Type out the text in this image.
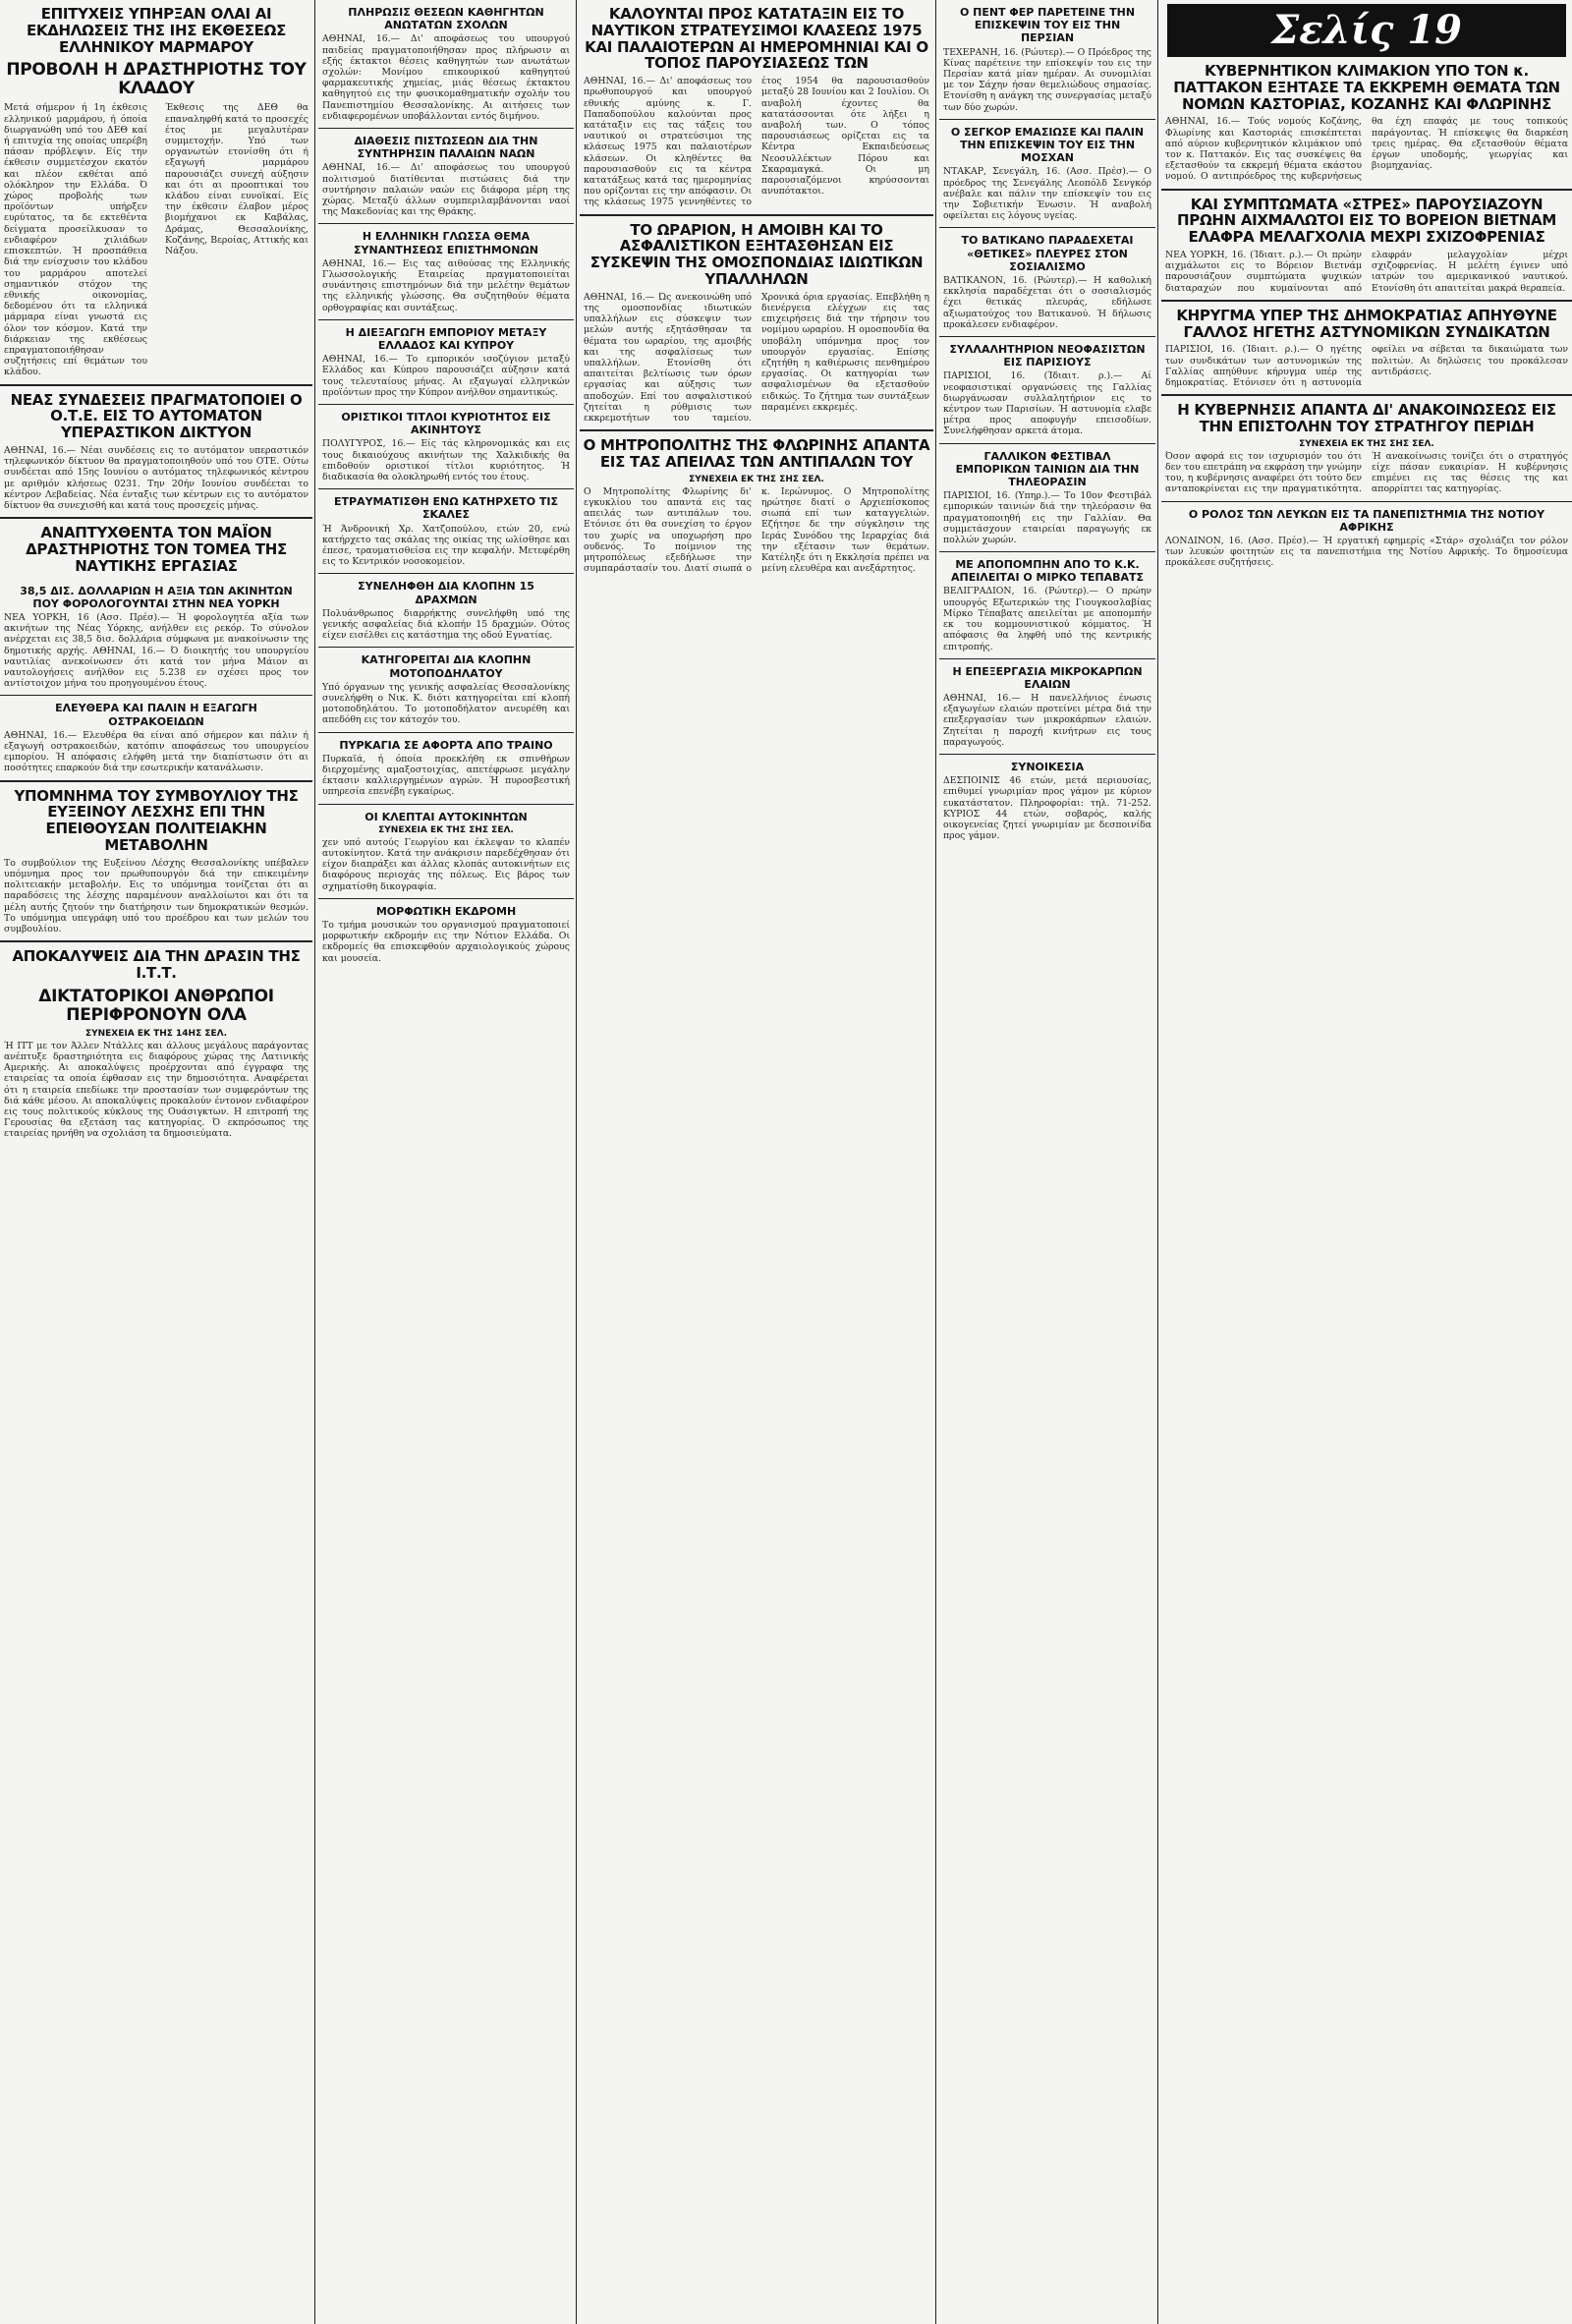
ΕΠΙΤΥΧΕΙΣ ΥΠΗΡΞΑΝ ΟΛΑΙ ΑΙ ΕΚΔΗΛΩΣΕΙΣ ΤΗΣ ΙΗΣ ΕΚΘΕΣΕΩΣ ΕΛΛΗΝΙΚΟΥ ΜΑΡΜΑΡΟΥ
ΠΡΟΒΟΛΗ Η ΔΡΑΣΤΗΡΙΟΤΗΣ ΤΟΥ ΚΛΑΔΟΥ
Μετά σήμερον ή 1η έκθεσις ελληνικού μαρμάρου, ή όποία διωργανώθη υπό του ΔΕΘ καί ή επιτυχία της οποίας υπερέβη πάσαν πρόβλεψιν. Είς την έκθεσιν συμμετέσχον εκατόν και πλέον εκθέται από ολόκληρον την Ελλάδα. Ό χώρος προβολής των προϊόντων υπήρξεν ευρύτατος, τα δε εκτεθέντα δείγματα προσείλκυσαν το ενδιαφέρον χιλιάδων επισκεπτών. Ή προσπάθεια διά την ενίσχυσιν του κλάδου του μαρμάρου αποτελεί σημαντικόν στόχον της εθνικής οικονομίας, δεδομένου ότι τα ελληνικά μάρμαρα είναι γνωστά εις όλον τον κόσμον. Κατά την διάρκειαν της εκθέσεως επραγματοποιήθησαν συζητήσεις επί θεμάτων του κλάδου.
Έκθεσις της ΔΕΘ θα επαναληφθή κατά το προσεχές έτος με μεγαλυτέραν συμμετοχήν. Υπό των οργανωτών ετονίσθη ότι ή εξαγωγή μαρμάρου παρουσιάζει συνεχή αύξησιν και ότι αι προοπτικαί του κλάδου είναι ευνοϊκαί. Είς την έκθεσιν έλαβον μέρος βιομήχανοι εκ Καβάλας, Δράμας, Θεσσαλονίκης, Κοζάνης, Βεροίας, Αττικής και Νάξου.
ΝΕΑΣ ΣΥΝΔΕΣΕΙΣ ΠΡΑΓΜΑΤΟΠΟΙΕΙ Ο Ο.Τ.Ε. ΕΙΣ ΤΟ ΑΥΤΟΜΑΤΟΝ ΥΠΕΡΑΣΤΙΚΟΝ ΔΙΚΤΥΟΝ
ΑΘΗΝΑΙ, 16.— Νέαι συνδέσεις εις το αυτόματον υπεραστικόν τηλεφωνικόν δίκτυον θα πραγματοποιηθούν υπό του ΟΤΕ. Ούτω συνδέεται από 15ης Ιουνίου ο αυτόματος τηλεφωνικός κέντρου με αριθμόν κλήσεως 0231. Την 20ήν Ιουνίου συνδέεται το κέντρον Λεβαδείας. Νέα ένταξις των κέντρων εις το αυτόματον δίκτυον θα συνεχισθή και κατά τους προσεχείς μήνας.
ΑΝΑΠΤΥΧΘΕΝΤΑ ΤΟΝ ΜΑΪΟΝ ΔΡΑΣΤΗΡΙΟΤΗΣ ΤΟΝ ΤΟΜΕΑ ΤΗΣ ΝΑΥΤΙΚΗΣ ΕΡΓΑΣΙΑΣ
38,5 ΔΙΣ. ΔΟΛΛΑΡΙΩΝ Η ΑΞΙΑ ΤΩΝ ΑΚΙΝΗΤΩΝ ΠΟΥ ΦΟΡΟΛΟΓΟΥΝΤΑΙ ΣΤΗΝ ΝΕΑ ΥΟΡΚΗ
ΝΕΑ ΥΟΡΚΗ, 16 (Ασσ. Πρέσ).— Ή φορολογητέα αξία των ακινήτων της Νέας Υόρκης, ανήλθεν εις ρεκόρ. Το σύνολον ανέρχεται εις 38,5 δισ. δολλάρια σύμφωνα με ανακοίνωσιν της δημοτικής αρχής. ΑΘΗΝΑΙ, 16.— Ό διοικητής του υπουργείου ναυτιλίας ανεκοίνωσεν ότι κατά τον μήνα Μάιον αι ναυτολογήσεις ανήλθον εις 5.238 εν σχέσει προς τον αντίστοιχον μήνα του προηγουμένου έτους.
ΕΛΕΥΘΕΡΑ ΚΑΙ ΠΑΛΙΝ Η ΕΞΑΓΩΓΗ ΟΣΤΡΑΚΟΕΙΔΩΝ
ΑΘΗΝΑΙ, 16.— Ελευθέρα θα είναι από σήμερον και πάλιν ή εξαγωγή οστρακοειδών, κατόπιν αποφάσεως του υπουργείου εμπορίου. Ή απόφασις ελήφθη μετά την διαπίστωσιν ότι αι ποσότητες επαρκούν διά την εσωτερικήν κατανάλωσιν.
ΥΠΟΜΝΗΜΑ ΤΟΥ ΣΥΜΒΟΥΛΙΟΥ ΤΗΣ ΕΥΞΕΙΝΟΥ ΛΕΣΧΗΣ ΕΠΙ ΤΗΝ ΕΠΕΙΘΟΥΣΑΝ ΠΟΛΙΤΕΙΑΚΗΝ ΜΕΤΑΒΟΛΗΝ
Το συμβούλιον της Ευξείνου Λέσχης Θεσσαλονίκης υπέβαλεν υπόμνημα προς τον πρωθυπουργόν διά την επικειμένην πολιτειακήν μεταβολήν. Εις το υπόμνημα τονίζεται ότι αι παραδόσεις της λέσχης παραμένουν αναλλοίωτοι και ότι τα μέλη αυτής ζητούν την διατήρησιν των δημοκρατικών θεσμών. Το υπόμνημα υπεγράφη υπό του προέδρου και των μελών του συμβουλίου.
ΑΠΟΚΑΛΥΨΕΙΣ ΔΙΑ ΤΗΝ ΔΡΑΣΙΝ ΤΗΣ Ι.Τ.Τ.
ΔΙΚΤΑΤΟΡΙΚΟΙ ΑΝΘΡΩΠΟΙ ΠΕΡΙΦΡΟΝΟΥΝ ΟΛΑ
ΣΥΝΕΧΕΙΑ ΕΚ ΤΗΣ 14ΗΣ ΣΕΛ.
Ή ΙΤΤ με τον Άλλεν Ντάλλες και άλλους μεγάλους παράγοντας ανέπτυξε δραστηριότητα εις διαφόρους χώρας της Λατινικής Αμερικής. Αι αποκαλύψεις προέρχονται από έγγραφα της εταιρείας τα οποία έφθασαν εις την δημοσιότητα. Αναφέρεται ότι η εταιρεία επεδίωκε την προστασίαν των συμφερόντων της διά κάθε μέσου. Αι αποκαλύψεις προκαλούν έντονον ενδιαφέρον εις τους πολιτικούς κύκλους της Ουάσιγκτων. Η επιτροπή της Γερουσίας θα εξετάση τας κατηγορίας. Ό εκπρόσωπος της εταιρείας ηρνήθη να σχολιάση τα δημοσιεύματα.
ΠΛΗΡΩΣΙΣ ΘΕΣΕΩΝ ΚΑΘΗΓΗΤΩΝ ΑΝΩΤΑΤΩΝ ΣΧΟΛΩΝ
ΑΘΗΝΑΙ, 16.— Δι' αποφάσεως του υπουργού παιδείας πραγματοποιήθησαν προς πλήρωσιν αι εξής έκτακτοι θέσεις καθηγητών των ανωτάτων σχολών: Μονίμου επικουρικού καθηγητού φαρμακευτικής χημείας, μιάς θέσεως έκτακτου καθηγητού εις την φυσικομαθηματικήν σχολήν του Πανεπιστημίου Θεσσαλονίκης. Αι αιτήσεις των ενδιαφερομένων υποβάλλονται εντός διμήνου.
ΔΙΑΘΕΣΙΣ ΠΙΣΤΩΣΕΩΝ ΔΙΑ ΤΗΝ ΣΥΝΤΗΡΗΣΙΝ ΠΑΛΑΙΩΝ ΝΑΩΝ
ΑΘΗΝΑΙ, 16.— Δι' αποφάσεως του υπουργού πολιτισμού διατίθενται πιστώσεις διά την συντήρησιν παλαιών ναών εις διάφορα μέρη της χώρας. Μεταξύ άλλων συμπεριλαμβάνονται ναοί της Μακεδονίας και της Θράκης.
Η ΕΛΛΗΝΙΚΗ ΓΛΩΣΣΑ ΘΕΜΑ ΣΥΝΑΝΤΗΣΕΩΣ ΕΠΙΣΤΗΜΟΝΩΝ
ΑΘΗΝΑΙ, 16.— Εις τας αιθούσας της Ελληνικής Γλωσσολογικής Εταιρείας πραγματοποιείται συνάντησις επιστημόνων διά την μελέτην θεμάτων της ελληνικής γλώσσης. Θα συζητηθούν θέματα ορθογραφίας και συντάξεως.
Η ΔΙΕΞΑΓΩΓΗ ΕΜΠΟΡΙΟΥ ΜΕΤΑΞΥ ΕΛΛΑΔΟΣ ΚΑΙ ΚΥΠΡΟΥ
ΑΘΗΝΑΙ, 16.— Το εμπορικόν ισοζύγιον μεταξύ Ελλάδος και Κύπρου παρουσιάζει αύξησιν κατά τους τελευταίους μήνας. Αι εξαγωγαί ελληνικών προϊόντων προς την Κύπρον ανήλθον σημαντικώς.
ΟΡΙΣΤΙΚΟΙ ΤΙΤΛΟΙ ΚΥΡΙΟΤΗΤΟΣ ΕΙΣ ΑΚΙΝΗΤΟΥΣ
ΠΟΛΥΓΥΡΟΣ, 16.— Είς τάς κληρονομικάς και εις τους δικαιούχους ακινήτων της Χαλκιδικής θα επιδοθούν οριστικοί τίτλοι κυριότητος. Ή διαδικασία θα ολοκληρωθή εντός του έτους.
ΕΤΡΑΥΜΑΤΙΣΘΗ ΕΝΩ ΚΑΤΗΡΧΕΤΟ ΤΙΣ ΣΚΑΛΕΣ
Ή Άνδρονική Χρ. Χατζοπούλου, ετών 20, ενώ κατήρχετο τας σκάλας της οικίας της ωλίσθησε και έπεσε, τραυματισθείσα εις την κεφαλήν. Μετεφέρθη εις το Κεντρικόν νοσοκομείον.
ΣΥΝΕΛΗΦΘΗ ΔΙΑ ΚΛΟΠΗΝ 15 ΔΡΑΧΜΩΝ
Πολυάνθρωπος διαρρήκτης συνελήφθη υπό της γενικής ασφαλείας διά κλοπήν 15 δραχμών. Ούτος είχεν εισέλθει εις κατάστημα της οδού Εγνατίας.
ΚΑΤΗΓΟΡΕΙΤΑΙ ΔΙΑ ΚΛΟΠΗΝ ΜΟΤΟΠΟΔΗΛΑΤΟΥ
Υπό όργανων της γενικής ασφαλείας Θεσσαλονίκης συνελήφθη ο Νικ. Κ. διότι κατηγορείται επί κλοπή μοτοποδηλάτου. Το μοτοποδήλατον ανευρέθη και απεδόθη εις τον κάτοχόν του.
ΠΥΡΚΑΓΙΑ ΣΕ ΑΦΟΡΤΑ ΑΠΟ ΤΡΑΙΝΟ
Πυρκαϊά, ή όποία προεκλήθη εκ σπινθήρων διερχομένης αμαξοστοιχίας, απετέφρωσε μεγάλην έκτασιν καλλιεργημένων αγρών. Ή πυροσβεστική υπηρεσία επενέβη εγκαίρως.
ΟΙ ΚΛΕΠΤΑΙ ΑΥΤΟΚΙΝΗΤΩΝ
ΣΥΝΕΧΕΙΑ ΕΚ ΤΗΣ ΣΗΣ ΣΕΛ.
χεν υπό αυτούς Γεωργίου και έκλεψαν το κλαπέν αυτοκίνητον. Κατά την ανάκρισιν παρεδέχθησαν ότι είχον διαπράξει και άλλας κλοπάς αυτοκινήτων εις διαφόρους περιοχάς της πόλεως. Εις βάρος των σχηματίσθη δικογραφία.
ΜΟΡΦΩΤΙΚΗ ΕΚΔΡΟΜΗ
Το τμήμα μουσικών του οργανισμού πραγματοποιεί μορφωτικήν εκδρομήν εις την Νότιον Ελλάδα. Οι εκδρομείς θα επισκεφθούν αρχαιολογικούς χώρους και μουσεία.
ΚΑΛΟΥΝΤΑΙ ΠΡΟΣ ΚΑΤΑΤΑΞΙΝ ΕΙΣ ΤΟ ΝΑΥΤΙΚΟΝ ΣΤΡΑΤΕΥΣΙΜΟΙ ΚΛΑΣΕΩΣ 1975 ΚΑΙ ΠΑΛΑΙΟΤΕΡΩΝ ΑΙ ΗΜΕΡΟΜΗΝΙΑΙ ΚΑΙ Ο ΤΟΠΟΣ ΠΑΡΟΥΣΙΑΣΕΩΣ ΤΩΝ
ΑΘΗΝΑΙ, 16.— Δι' αποφάσεως του πρωθυπουργού και υπουργού εθνικής αμύνης κ. Γ. Παπαδοπούλου καλούνται προς κατάταξιν εις τας τάξεις του ναυτικού οι στρατεύσιμοι της κλάσεως 1975 και παλαιοτέρων κλάσεων. Οι κληθέντες θα παρουσιασθούν εις τα κέντρα κατατάξεως κατά τας ημερομηνίας που ορίζονται εις την απόφασιν. Οι της κλάσεως 1975 γεννηθέντες το έτος 1954 θα παρουσιασθούν μεταξύ 28 Ιουνίου και 2 Ιουλίου. Οι αναβολή έχοντες θα κατατάσσονται ότε λήξει η αναβολή των. Ο τόπος παρουσιάσεως ορίζεται εις τα Κέντρα Εκπαιδεύσεως Νεοσυλλέκτων Πόρου και Σκαραμαγκά. Οι μη παρουσιαζόμενοι κηρύσσονται ανυπότακτοι.
ΤΟ ΩΡΑΡΙΟΝ, Η ΑΜΟΙΒΗ ΚΑΙ ΤΟ ΑΣΦΑΛΙΣΤΙΚΟΝ ΕΞΗΤΑΣΘΗΣΑΝ ΕΙΣ ΣΥΣΚΕΨΙΝ ΤΗΣ ΟΜΟΣΠΟΝΔΙΑΣ ΙΔΙΩΤΙΚΩΝ ΥΠΑΛΛΗΛΩΝ
ΑΘΗΝΑΙ, 16.— Ώς ανεκοινώθη υπό της ομοσπονδίας ιδιωτικών υπαλλήλων εις σύσκεψιν των μελών αυτής εξητάσθησαν τα θέματα του ωραρίου, της αμοιβής και της ασφαλίσεως των υπαλλήλων. Ετονίσθη ότι απαιτείται βελτίωσις των όρων εργασίας και αύξησις των αποδοχών. Επί του ασφαλιστικού ζητείται η ρύθμισις των εκκρεμοτήτων του ταμείου. Χρονικά όρια εργασίας. Επεβλήθη η διενέργεια ελέγχων εις τας επιχειρήσεις διά την τήρησιν του νομίμου ωραρίου. Η ομοσπονδία θα υποβάλη υπόμνημα προς τον υπουργόν εργασίας. Επίσης εζητήθη η καθιέρωσις πενθημέρου εργασίας. Οι κατηγορίαι των ασφαλισμένων θα εξετασθούν ειδικώς. Το ζήτημα των συντάξεων παραμένει εκκρεμές.
Ο ΜΗΤΡΟΠΟΛΙΤΗΣ ΤΗΣ ΦΛΩΡΙΝΗΣ ΑΠΑΝΤΑ ΕΙΣ ΤΑΣ ΑΠΕΙΛΑΣ ΤΩΝ ΑΝΤΙΠΑΛΩΝ ΤΟΥ
ΣΥΝΕΧΕΙΑ ΕΚ ΤΗΣ ΣΗΣ ΣΕΛ.
Ο Μητροπολίτης Φλωρίνης δι' εγκυκλίου του απαντά εις τας απειλάς των αντιπάλων του. Ετόνισε ότι θα συνεχίση το έργον του χωρίς να υποχωρήση προ ουδενός. Το ποίμνιον της μητροπόλεως εξεδήλωσε την συμπαράστασίν του. Διατί σιωπά ο κ. Ιερώνυμος. Ο Μητροπολίτης ηρώτησε διατί ο Αρχιεπίσκοπος σιωπά επί των καταγγελιών. Εζήτησε δε την σύγκλησιν της Ιεράς Συνόδου της Ιεραρχίας διά την εξέτασιν των θεμάτων. Κατέληξε ότι η Εκκλησία πρέπει να μείνη ελευθέρα και ανεξάρτητος.
Ο ΠΕΝΤ ΦΕΡ ΠΑΡΕΤΕΙΝΕ ΤΗΝ ΕΠΙΣΚΕΨΙΝ ΤΟΥ ΕΙΣ ΤΗΝ ΠΕΡΣΙΑΝ
ΤΕΧΕΡΑΝΗ, 16. (Ρώυτερ).— Ο Πρόεδρος της Κίνας παρέτεινε την επίσκεψίν του εις την Περσίαν κατά μίαν ημέραν. Αι συνομιλίαι με τον Σάχην ήσαν θεμελιώδους σημασίας. Ετονίσθη η ανάγκη της συνεργασίας μεταξύ των δύο χωρών.
Ο ΣΕΓΚΟΡ ΕΜΑΣΙΩΣΕ ΚΑΙ ΠΑΛΙΝ ΤΗΝ ΕΠΙΣΚΕΨΙΝ ΤΟΥ ΕΙΣ ΤΗΝ ΜΟΣΧΑΝ
ΝΤΑΚΑΡ, Σενεγάλη, 16. (Ασσ. Πρέσ).— Ο πρόεδρος της Σενεγάλης Λεοπόλδ Σενγκόρ ανέβαλε και πάλιν την επίσκεψίν του εις την Σοβιετικήν Ένωσιν. Ή αναβολή οφείλεται εις λόγους υγείας.
ΤΟ ΒΑΤΙΚΑΝΟ ΠΑΡΑΔΕΧΕΤΑΙ «ΘΕΤΙΚΕΣ» ΠΛΕΥΡΕΣ ΣΤΟΝ ΣΟΣΙΑΛΙΣΜΟ
ΒΑΤΙΚΑΝΟΝ, 16. (Ρώυτερ).— Η καθολική εκκλησία παραδέχεται ότι ο σοσιαλισμός έχει θετικάς πλευράς, εδήλωσε αξιωματούχος του Βατικανού. Ή δήλωσις προκάλεσεν ενδιαφέρον.
ΣΥΛΛΑΛΗΤΗΡΙΟΝ ΝΕΟΦΑΣΙΣΤΩΝ ΕΙΣ ΠΑΡΙΣΙΟΥΣ
ΠΑΡΙΣΙΟΙ, 16. (Ίδιαιτ. ρ.).— Αί νεοφασιστικαί οργανώσεις της Γαλλίας διωργάνωσαν συλλαλητήριον εις το κέντρον των Παρισίων. Ή αστυνομία ελαβε μέτρα προς αποφυγήν επεισοδίων. Συνελήφθησαν αρκετά άτομα.
ΓΑΛΛΙΚΟΝ ΦΕΣΤΙΒΑΛ ΕΜΠΟΡΙΚΩΝ ΤΑΙΝΙΩΝ ΔΙΑ ΤΗΝ ΤΗΛΕΟΡΑΣΙΝ
ΠΑΡΙΣΙΟΙ, 16. (Υπηρ.).— Το 10ον Φεστιβάλ εμπορικών ταινιών διά την τηλεόρασιν θα πραγματοποιηθή εις την Γαλλίαν. Θα συμμετάσχουν εταιρείαι παραγωγής εκ πολλών χωρών.
ΜΕ ΑΠΟΠΟΜΠΗΝ ΑΠΟ ΤΟ Κ.Κ. ΑΠΕΙΛΕΙΤΑΙ Ο ΜΙΡΚΟ ΤΕΠΑΒΑΤΣ
ΒΕΛΙΓΡΑΔΙΟΝ, 16. (Ρώυτερ).— Ο πρώην υπουργός Εξωτερικών της Γιουγκοσλαβίας Μίρκο Τέπαβατς απειλείται με αποπομπήν εκ του κομμουνιστικού κόμματος. Ή απόφασις θα ληφθή υπό της κεντρικής επιτροπής.
Η ΕΠΕΞΕΡΓΑΣΙΑ ΜΙΚΡΟΚΑΡΠΩΝ ΕΛΑΙΩΝ
ΑΘΗΝΑΙ, 16.— Η πανελλήνιος ένωσις εξαγωγέων ελαιών προτείνει μέτρα διά την επεξεργασίαν των μικροκάρπων ελαιών. Ζητείται η παροχή κινήτρων εις τους παραγωγούς.
ΣΥΝΟΙΚΕΣΙΑ
ΔΕΣΠΟΙΝΙΣ 46 ετών, μετά περιουσίας, επιθυμεί γνωριμίαν προς γάμον με κύριον ευκατάστατον. Πληροφορίαι: τηλ. 71-252. ΚΥΡΙΟΣ 44 ετών, σοβαρός, καλής οικογενείας ζητεί γνωριμίαν με δεσποινίδα προς γάμον.
Σελίς 19
ΚΥΒΕΡΝΗΤΙΚΟΝ ΚΛΙΜΑΚΙΟΝ ΥΠΟ ΤΟΝ κ. ΠΑΤΤΑΚΟΝ ΕΞΗΤΑΣΕ ΤΑ ΕΚΚΡΕΜΗ ΘΕΜΑΤΑ ΤΩΝ ΝΟΜΩΝ ΚΑΣΤΟΡΙΑΣ, ΚΟΖΑΝΗΣ ΚΑΙ ΦΛΩΡΙΝΗΣ
ΑΘΗΝΑΙ, 16.— Τούς νομούς Κοζάνης, Φλωρίνης και Καστοριάς επισκέπτεται από αύριον κυβερνητικόν κλιμάκιον υπό τον κ. Παττακόν. Εις τας συσκέψεις θα εξετασθούν τα εκκρεμή θέματα εκάστου νομού. Ο αντιπρόεδρος της κυβερνήσεως θα έχη επαφάς με τους τοπικούς παράγοντας. Ή επίσκεψις θα διαρκέση τρεις ημέρας. Θα εξετασθούν θέματα έργων υποδομής, γεωργίας και βιομηχανίας.
ΚΑΙ ΣΥΜΠΤΩΜΑΤΑ «ΣΤΡΕΣ» ΠΑΡΟΥΣΙΑΖΟΥΝ ΠΡΩΗΝ ΑΙΧΜΑΛΩΤΟΙ ΕΙΣ ΤΟ ΒΟΡΕΙΟΝ ΒΙΕΤΝΑΜ ΕΛΑΦΡΑ ΜΕΛΑΓΧΟΛΙΑ ΜΕΧΡΙ ΣΧΙΖΟΦΡΕΝΙΑΣ
ΝΕΑ ΥΟΡΚΗ, 16. (Ίδιαιτ. ρ.).— Οι πρώην αιχμάλωτοι εις το Βόρειον Βιετνάμ παρουσιάζουν συμπτώματα ψυχικών διαταραχών που κυμαίνονται από ελαφράν μελαγχολίαν μέχρι σχιζοφρενίας. Η μελέτη έγινεν υπό ιατρών του αμερικανικού ναυτικού. Ετονίσθη ότι απαιτείται μακρά θεραπεία.
ΚΗΡΥΓΜΑ ΥΠΕΡ ΤΗΣ ΔΗΜΟΚΡΑΤΙΑΣ ΑΠΗΥΘΥΝΕ ΓΑΛΛΟΣ ΗΓΕΤΗΣ ΑΣΤΥΝΟΜΙΚΩΝ ΣΥΝΔΙΚΑΤΩΝ
ΠΑΡΙΣΙΟΙ, 16. (Ίδιαιτ. ρ.).— Ο ηγέτης των συνδικάτων των αστυνομικών της Γαλλίας απηύθυνε κήρυγμα υπέρ της δημοκρατίας. Ετόνισεν ότι η αστυνομία οφείλει να σέβεται τα δικαιώματα των πολιτών. Αι δηλώσεις του προκάλεσαν αντιδράσεις.
Η ΚΥΒΕΡΝΗΣΙΣ ΑΠΑΝΤΑ ΔΙ' ΑΝΑΚΟΙΝΩΣΕΩΣ ΕΙΣ ΤΗΝ ΕΠΙΣΤΟΛΗΝ ΤΟΥ ΣΤΡΑΤΗΓΟΥ ΠΕΡΙΔΗ
ΣΥΝΕΧΕΙΑ ΕΚ ΤΗΣ ΣΗΣ ΣΕΛ.
Όσον αφορά εις τον ισχυρισμόν του ότι δεν του επετράπη να εκφράση την γνώμην του, η κυβέρνησις αναφέρει ότι τούτο δεν ανταποκρίνεται εις την πραγματικότητα. Ή ανακοίνωσις τονίζει ότι ο στρατηγός είχε πάσαν ευκαιρίαν. Η κυβέρνησις επιμένει εις τας θέσεις της και απορρίπτει τας κατηγορίας.
Ο ΡΟΛΟΣ ΤΩΝ ΛΕΥΚΩΝ ΕΙΣ ΤΑ ΠΑΝΕΠΙΣΤΗΜΙΑ ΤΗΣ ΝΟΤΙΟΥ ΑΦΡΙΚΗΣ
ΛΟΝΔΙΝΟΝ, 16. (Ασσ. Πρέσ).— Ή εργατική εφημερίς «Στάρ» σχολιάζει τον ρόλον των λευκών φοιτητών εις τα πανεπιστήμια της Νοτίου Αφρικής. Το δημοσίευμα προκάλεσε συζητήσεις.
